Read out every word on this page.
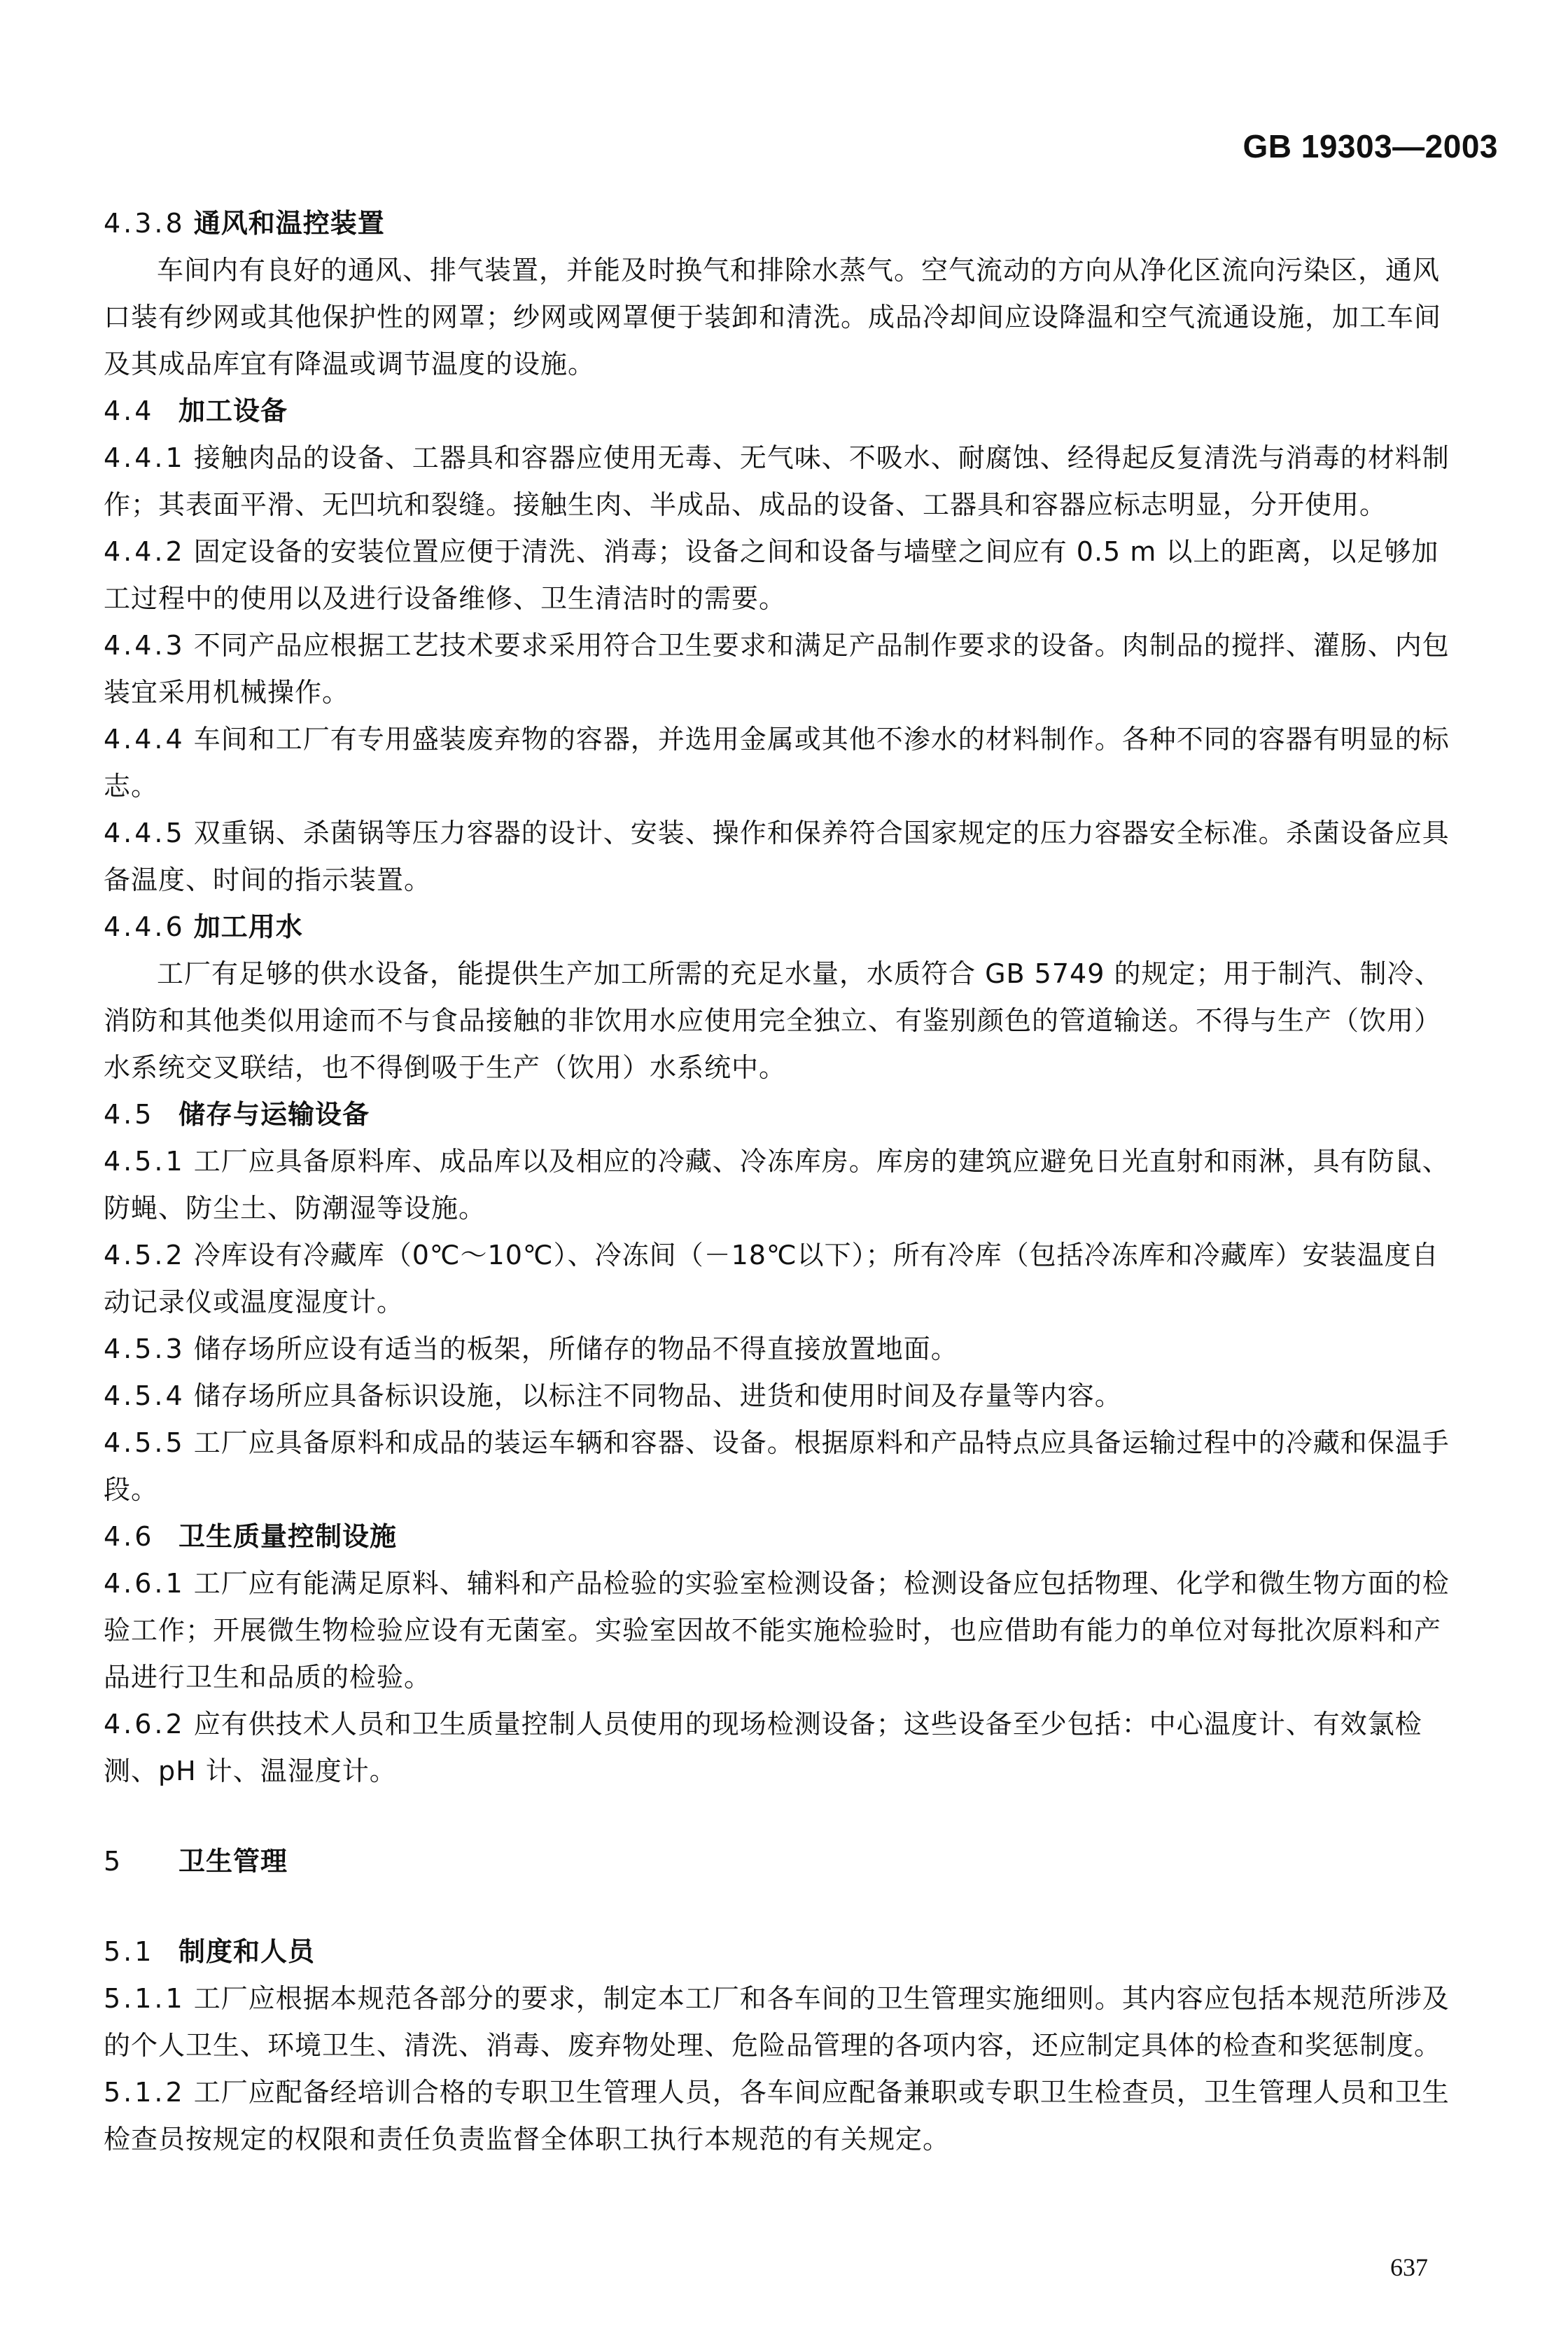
GB 19303—2003
4.3.8 通风和温控装置
车间内有良好的通风、排气装置，并能及时换气和排除水蒸气。空气流动的方向从净化区流向污染区，通风口装有纱网或其他保护性的网罩；纱网或网罩便于装卸和清洗。成品冷却间应设降温和空气流通设施，加工车间及其成品库宜有降温或调节温度的设施。
4.4 加工设备
4.4.1 接触肉品的设备、工器具和容器应使用无毒、无气味、不吸水、耐腐蚀、经得起反复清洗与消毒的材料制作；其表面平滑、无凹坑和裂缝。接触生肉、半成品、成品的设备、工器具和容器应标志明显，分开使用。
4.4.2 固定设备的安装位置应便于清洗、消毒；设备之间和设备与墙壁之间应有 0.5 m 以上的距离，以足够加工过程中的使用以及进行设备维修、卫生清洁时的需要。
4.4.3 不同产品应根据工艺技术要求采用符合卫生要求和满足产品制作要求的设备。肉制品的搅拌、灌肠、内包装宜采用机械操作。
4.4.4 车间和工厂有专用盛装废弃物的容器，并选用金属或其他不渗水的材料制作。各种不同的容器有明显的标志。
4.4.5 双重锅、杀菌锅等压力容器的设计、安装、操作和保养符合国家规定的压力容器安全标准。杀菌设备应具备温度、时间的指示装置。
4.4.6 加工用水
工厂有足够的供水设备，能提供生产加工所需的充足水量，水质符合 GB 5749 的规定；用于制汽、制冷、消防和其他类似用途而不与食品接触的非饮用水应使用完全独立、有鉴别颜色的管道输送。不得与生产（饮用）水系统交叉联结，也不得倒吸于生产（饮用）水系统中。
4.5 储存与运输设备
4.5.1 工厂应具备原料库、成品库以及相应的冷藏、冷冻库房。库房的建筑应避免日光直射和雨淋，具有防鼠、防蝇、防尘土、防潮湿等设施。
4.5.2 冷库设有冷藏库（0℃～10℃）、冷冻间（－18℃以下）；所有冷库（包括冷冻库和冷藏库）安装温度自动记录仪或温度湿度计。
4.5.3 储存场所应设有适当的板架，所储存的物品不得直接放置地面。
4.5.4 储存场所应具备标识设施，以标注不同物品、进货和使用时间及存量等内容。
4.5.5 工厂应具备原料和成品的装运车辆和容器、设备。根据原料和产品特点应具备运输过程中的冷藏和保温手段。
4.6 卫生质量控制设施
4.6.1 工厂应有能满足原料、辅料和产品检验的实验室检测设备；检测设备应包括物理、化学和微生物方面的检验工作；开展微生物检验应设有无菌室。实验室因故不能实施检验时，也应借助有能力的单位对每批次原料和产品进行卫生和品质的检验。
4.6.2 应有供技术人员和卫生质量控制人员使用的现场检测设备；这些设备至少包括：中心温度计、有效氯检测、pH 计、温湿度计。
5 卫生管理
5.1 制度和人员
5.1.1 工厂应根据本规范各部分的要求，制定本工厂和各车间的卫生管理实施细则。其内容应包括本规范所涉及的个人卫生、环境卫生、清洗、消毒、废弃物处理、危险品管理的各项内容，还应制定具体的检查和奖惩制度。
5.1.2 工厂应配备经培训合格的专职卫生管理人员，各车间应配备兼职或专职卫生检查员，卫生管理人员和卫生检查员按规定的权限和责任负责监督全体职工执行本规范的有关规定。
637
